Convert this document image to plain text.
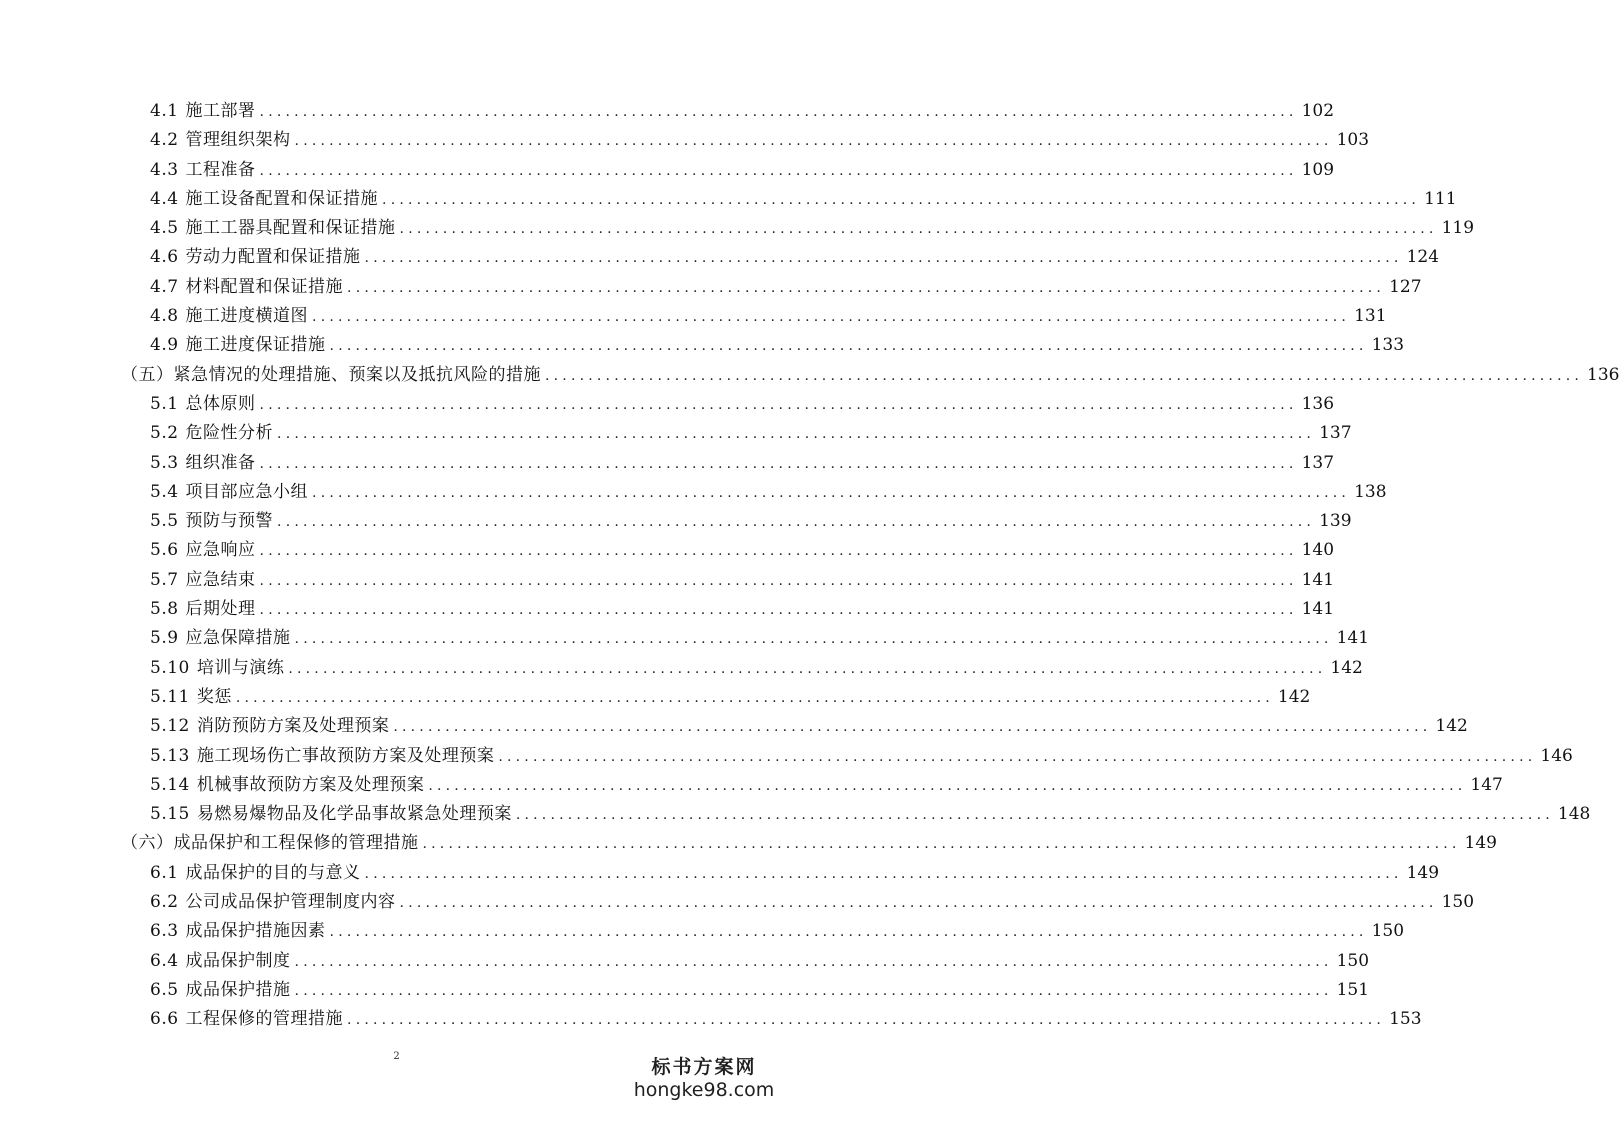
4.1 施工部署 ........................................................................................................................ 102
4.2 管理组织架构 ........................................................................................................................ 103
4.3 工程准备 ........................................................................................................................ 109
4.4 施工设备配置和保证措施 ........................................................................................................................ 111
4.5 施工工器具配置和保证措施 ........................................................................................................................ 119
4.6 劳动力配置和保证措施 ........................................................................................................................ 124
4.7 材料配置和保证措施 ........................................................................................................................ 127
4.8 施工进度横道图 ........................................................................................................................ 131
4.9 施工进度保证措施 ........................................................................................................................ 133
（五）紧急情况的处理措施、预案以及抵抗风险的措施 ........................................................................................................................ 136
5.1 总体原则 ........................................................................................................................ 136
5.2 危险性分析 ........................................................................................................................ 137
5.3 组织准备 ........................................................................................................................ 137
5.4 项目部应急小组 ........................................................................................................................ 138
5.5 预防与预警 ........................................................................................................................ 139
5.6 应急响应 ........................................................................................................................ 140
5.7 应急结束 ........................................................................................................................ 141
5.8 后期处理 ........................................................................................................................ 141
5.9 应急保障措施 ........................................................................................................................ 141
5.10 培训与演练 ........................................................................................................................ 142
5.11 奖惩 ........................................................................................................................ 142
5.12 消防预防方案及处理预案 ........................................................................................................................ 142
5.13 施工现场伤亡事故预防方案及处理预案 ........................................................................................................................ 146
5.14 机械事故预防方案及处理预案 ........................................................................................................................ 147
5.15 易燃易爆物品及化学品事故紧急处理预案 ........................................................................................................................ 148
（六）成品保护和工程保修的管理措施 ........................................................................................................................ 149
6.1 成品保护的目的与意义 ........................................................................................................................ 149
6.2 公司成品保护管理制度内容 ........................................................................................................................ 150
6.3 成品保护措施因素 ........................................................................................................................ 150
6.4 成品保护制度 ........................................................................................................................ 150
6.5 成品保护措施 ........................................................................................................................ 151
6.6 工程保修的管理措施 ........................................................................................................................ 153
2	标书方案网
hongke98.com
